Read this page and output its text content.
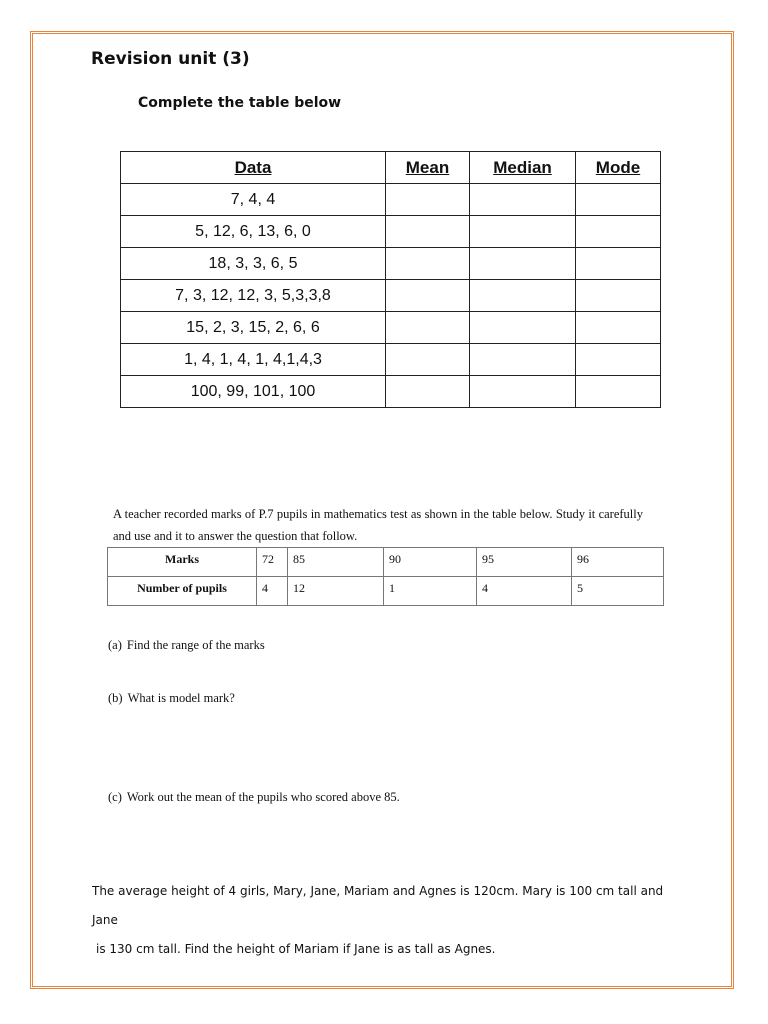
Revision unit (3)
Complete the table below
Data	Mean	Median	Mode
7, 4, 4			
5, 12, 6, 13, 6, 0			
18, 3, 3, 6, 5			
7, 3, 12, 12, 3, 5,3,3,8			
15, 2, 3, 15, 2, 6, 6			
1, 4, 1, 4, 1, 4,1,4,3			
100, 99, 101, 100			
A teacher recorded marks of P.7 pupils in mathematics test as shown in the table below. Study it carefully and use and it to answer the question that follow.
Marks	72	85	90	95	96
Number of pupils	4	12	1	4	5
(a) Find the range of the marks
(b) What is model mark?
(c) Work out the mean of the pupils who scored above 85.
The average height of 4 girls, Mary, Jane, Mariam and Agnes is 120cm. Mary is 100 cm tall and Jane
is 130 cm tall. Find the height of Mariam if Jane is as tall as Agnes.
